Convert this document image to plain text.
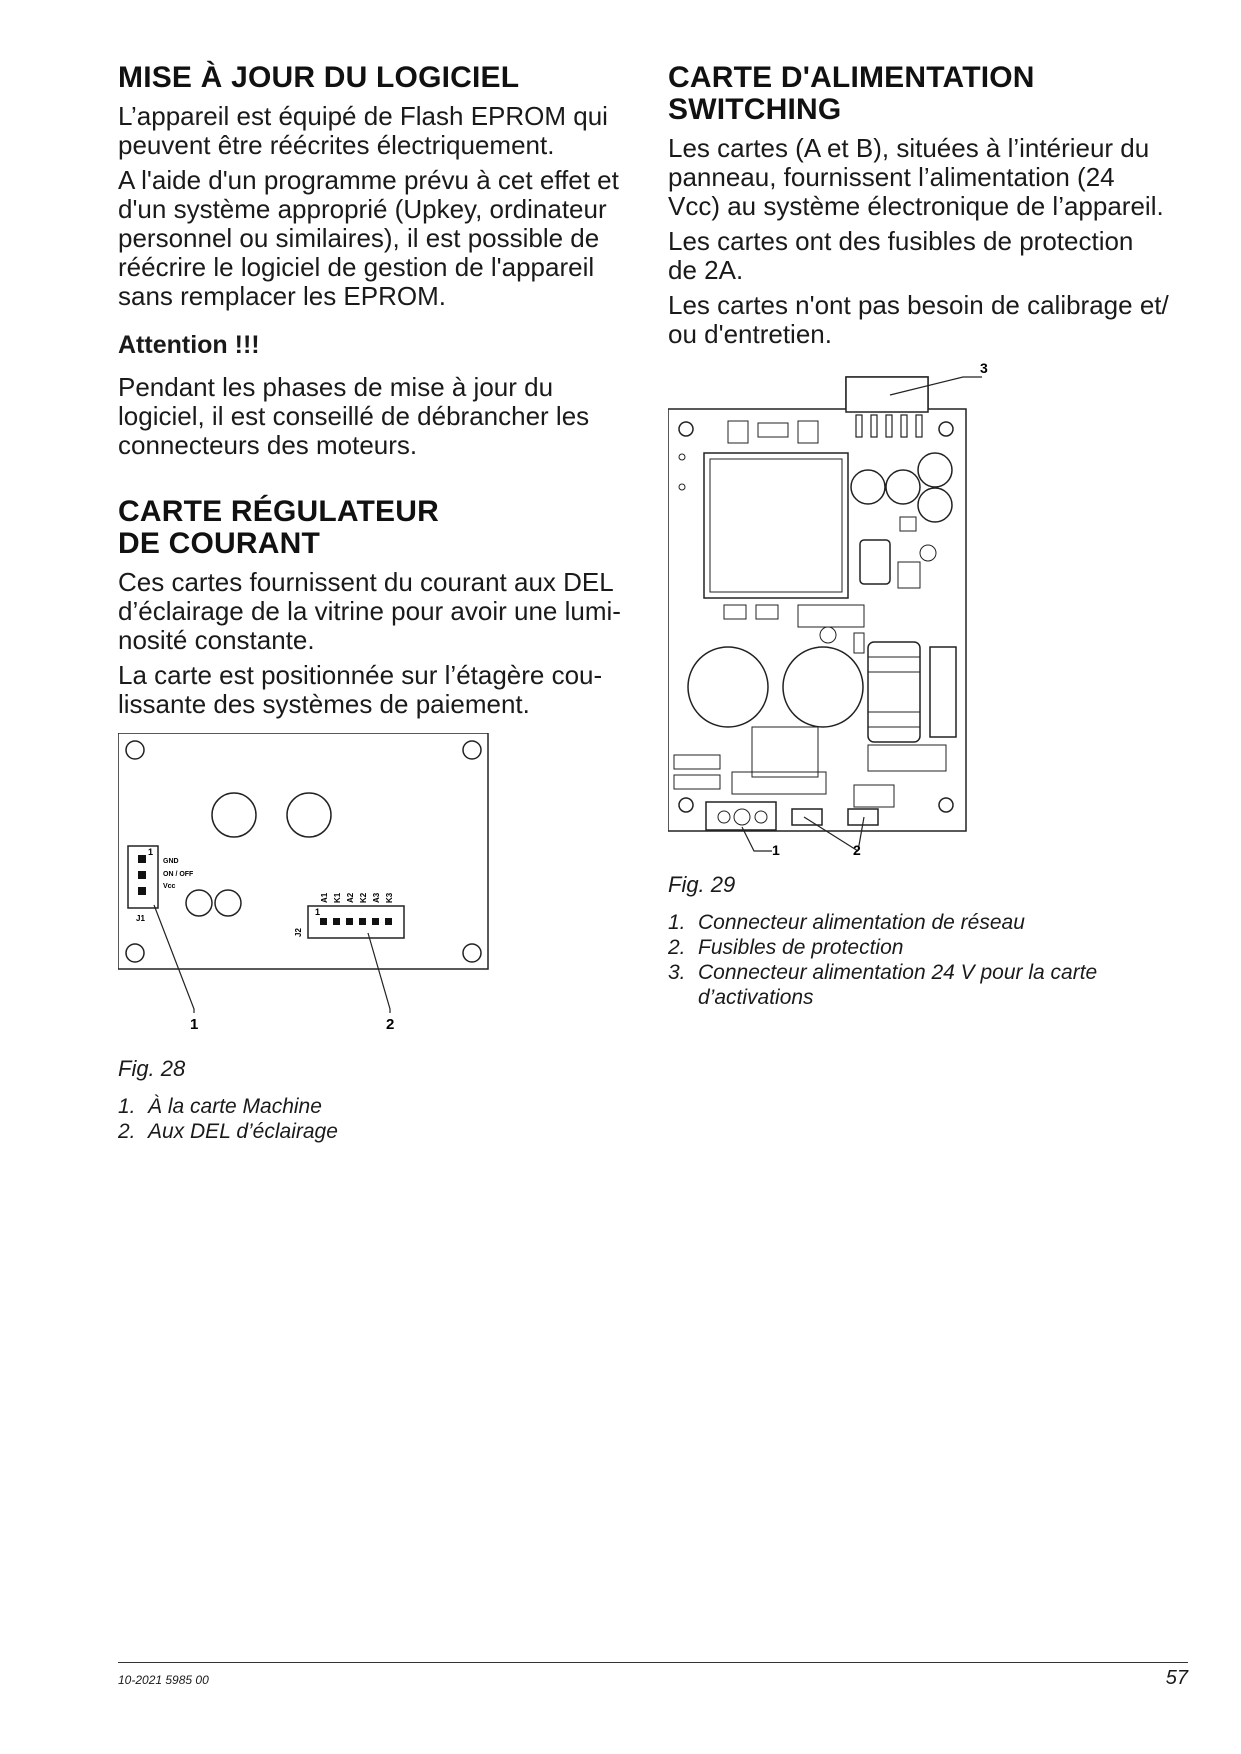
MISE À JOUR DU LOGICIEL

L’appareil est équipé de Flash EPROM qui
peuvent être réécrites électriquement.

A l'aide d'un programme prévu à cet effet et
d'un système approprié (Upkey, ordinateur
personnel ou similaires), il est possible de
réécrire le logiciel de gestion de l'appareil
sans remplacer les EPROM.

Attention !!!

Pendant les phases de mise à jour du
logiciel, il est conseillé de débrancher les
connecteurs des moteurs.

CARTE RÉGULATEUR
DE COURANT

Ces cartes fournissent du courant aux DEL
d’éclairage de la vitrine pour avoir une lumi-
nosité constante.

La carte est positionnée sur l’étagère cou-
lissante des systèmes de paiement.

1
GND
ON / OFF
Vcc
J1
1
J2
A1 K1 A2 K2 A3 K3
1	2

Fig. 28

1. À la carte Machine
2. Aux DEL d’éclairage
CARTE D'ALIMENTATION
SWITCHING

Les cartes (A et B), situées à l’intérieur du
panneau, fournissent l’alimentation (24
Vcc) au système électronique de l’appareil.

Les cartes ont des fusibles de protection
de 2A.

Les cartes n'ont pas besoin de calibrage et/
ou d'entretien.

3
1	2

Fig. 29

1. Connecteur alimentation de réseau
2. Fusibles de protection
3. Connecteur alimentation 24 V pour la carte
d’activations
10-2021 5985 00	57
